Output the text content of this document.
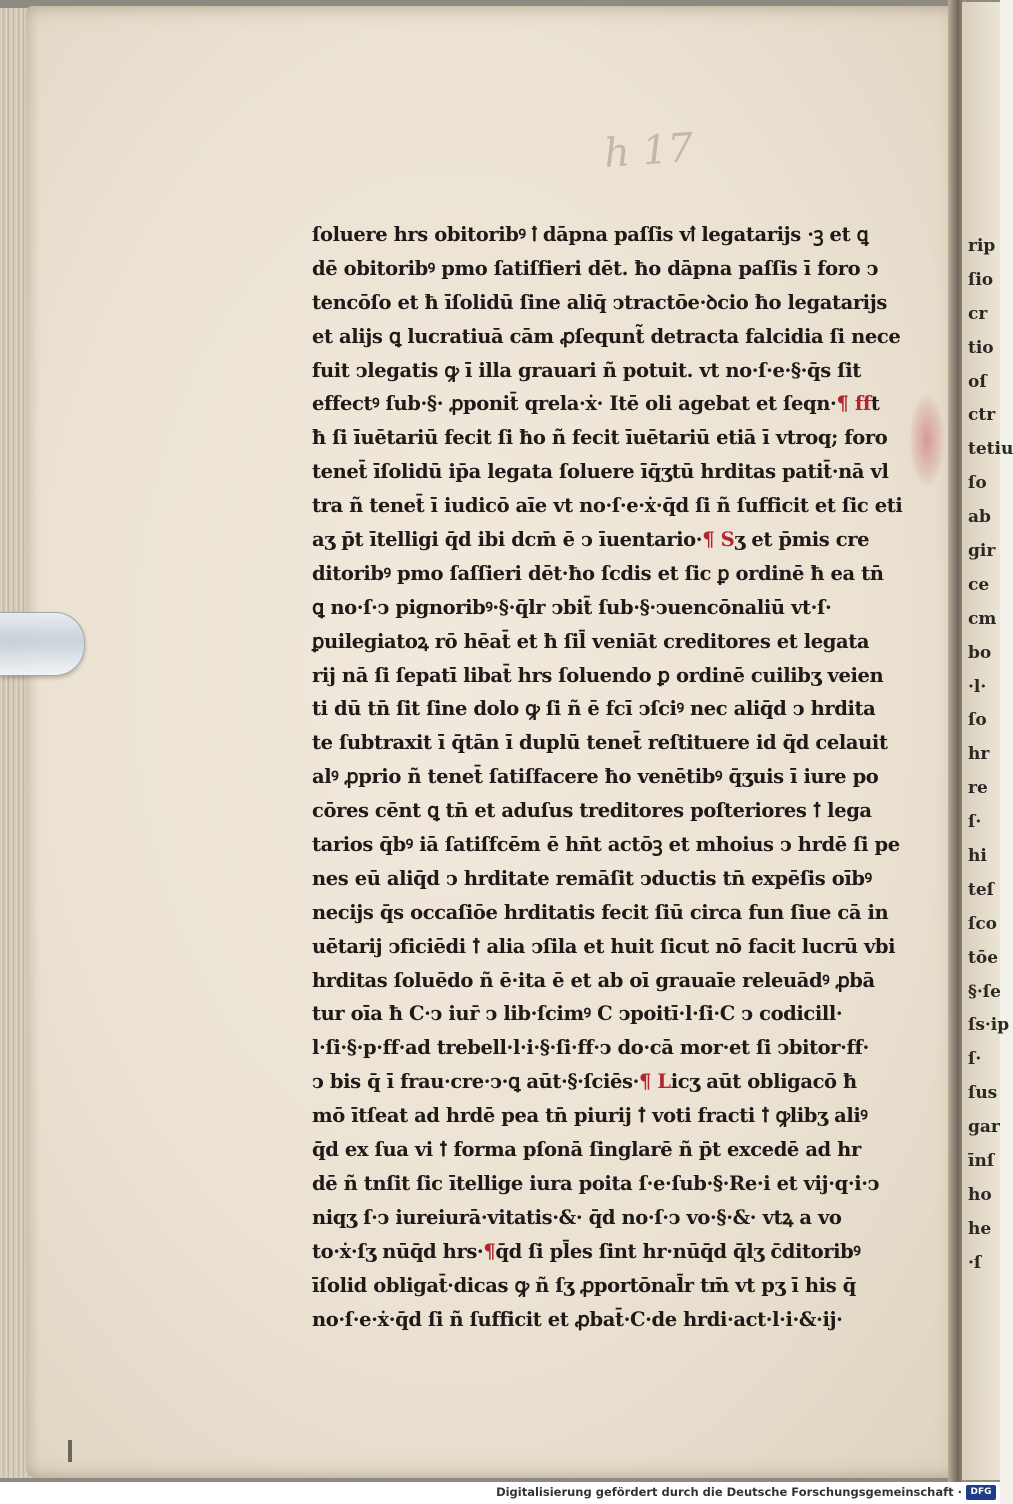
h 17
ſoluere hrs obitoribꝰ ꝉ dāpna paſſis vꝉ legatarijs ·ꝫ et ꝗ
dē obitoribꝰ pmo ſatiſfieri dēt. ħo dāpna paſſis ī foro ↄ
tencōſo et ħ īſolidū ſine aliq̄ ↄtractōe·ꝺcio ħo legatarijs
et alijs ꝗ lucratiuā cām ꝓſequnt̃ detracta falcidia ſi nece
fuit ↄlegatis ꝙ ī illa grauari ñ potuit. vt no·ſ·e·§·q̄s ſit
effectꝰ ſub·§· ꝓponit̄ qrela·ẋ· Itē oli agebat et ſeqn·¶ fft
ħ ſi īuētariū fecit ſi ħo ñ fecit īuētariū etiā ī vtroq; foro
tenet̄ īſolidū ip̄a legata ſoluere īq̄ʒtū hrditas patit̄·nā vl
tra ñ tenet̄ ī iudicō aīe vt no·ſ·e·ẋ·q̄d ſi ñ ſufficit et ſic eti
aʒ p̄t ītelligi q̄d ibi dcm̄ ē ↄ īuentario·¶ Sʒ et p̄mis cre
ditoribꝰ pmo ſaſſieri dēt·ħo ſcdis et ſic ꝑ ordinē ħ ea tn̄
ꝗ no·ſ·ↄ pignoribꝰ·§·q̄lr ↄbit̄ ſub·§·ↄuencōnaliū vt·ſ·
ꝑuilegiatoꝝ rō hēat̄ et ħ ſil̄ veniāt creditores et legata
rij nā ſi ſepatī libat̄ hrs ſoluendo ꝑ ordinē cuilibʒ veien
ti dū tn̄ ſit ſine dolo ꝙ ſi ñ ē fcī ↄſciꝰ nec aliq̄d ↄ hrdita
te ſubtraxit ī q̄tān ī duplū tenet̄ reſtituere id q̄d celauit
alꝰ ꝓprio ñ tenet̄ ſatiſfacere ħo venētibꝰ q̄ʒuis ī iure po
cōres cēnt ꝗ tn̄ et aduſus treditores poſteriores ꝉ lega
tarios q̄bꝰ iā ſatiſfcēm ē hn̄t actōꝫ et mhoius ↄ hrdē ſi pe
nes eū aliq̄d ↄ hrditate remāſit ↄductis tn̄ expēſis oībꝰ
necijs q̄s occaſiōe hrditatis fecit ſiū circa fun ſiue cā in
uētarij ↄficiēdi ꝉ alia ↄſila et huit ſicut nō facit lucrū vbi
hrditas ſoluēdo ñ ē·ita ē et ab oī grauaīe releuādꝰ ꝓbā
tur oīa ħ C·ↄ iur̄ ↄ lib·ſcimꝰ C ↄpoitī·l·ſi·C ↄ codicill·
l·ſi·§·p·ff·ad trebell·l·i·§·ſi·ff·ↄ do·cā mor·et ſi ↄbitor·ff·
ↄ bis q̄ ī frau·cre·ↄ·ꝗ aūt·§·ſciēs·¶ Licʒ aūt obligacō ħ
mō ītſeat ad hrdē pea tn̄ piurij ꝉ voti fracti ꝉ ꝙlibʒ aliꝰ
q̄d ex ſua vi ꝉ forma pſonā ſinglarē ñ p̄t excedē ad hr
dē ñ tnſit ſic ītellige iura poita ſ·e·ſub·§·Re·i et vij·q·i·ↄ
niqʒ ſ·ↄ iureiurā·vitatis·&· q̄d no·ſ·ↄ vo·§·&· vtꝝ a vo
to·ẋ·ſʒ nūq̄d hrs·¶q̄d ſi pl̄es ſint hr·nūq̄d q̄lʒ c̄ditoribꝰ
īſolid obligat̄·dicas ꝙ ñ ſʒ ꝓportōnal̄r tm̄ vt pʒ ī his q̄
no·ſ·e·ẋ·q̄d ſi ñ ſufficit et ꝓbat̄·C·de hrdi·act·l·i·&·ij·
rip
ſio
cr
tio
oſ
ctr
tetiu
ſo
ab
gir
ce
cm
bo
·l·
ſo
hr
re
ſ·
hi
teſ
ſco
tōe
§·ſe
ſs·ip
ſ·
ſus
gar
īnſ
ho
he
·ſ
Digitalisierung gefördert durch die Deutsche Forschungsgemeinschaft · DFG
